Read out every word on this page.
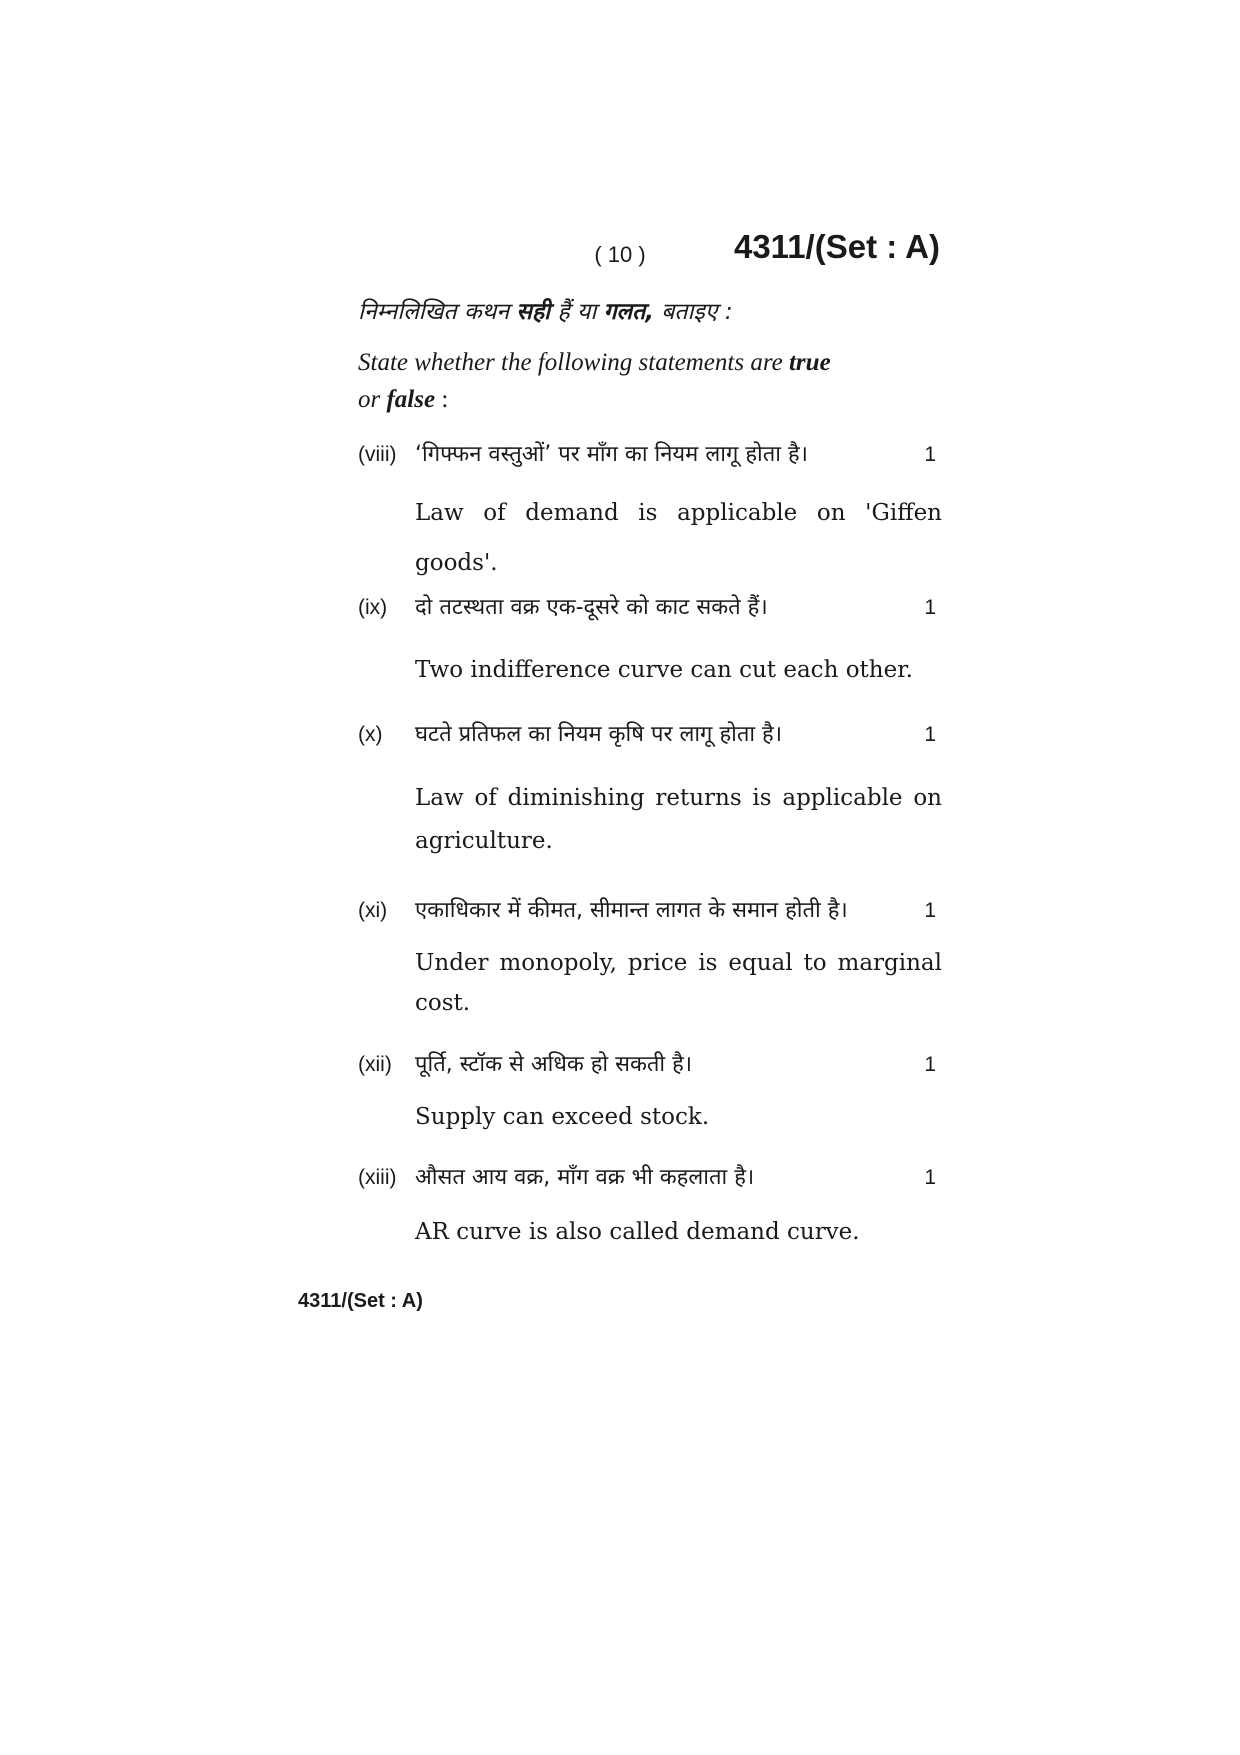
( 10 )	4311/(Set : A)
निम्नलिखित कथन सही हैं या गलत, बताइए :
State whether the following statements are true
or false :
(viii) ‘गिफ्फन वस्तुओं’ पर माँग का नियम लागू होता है।	1
Law of demand is applicable on 'Giffen goods'.
(ix) दो तटस्थता वक्र एक-दूसरे को काट सकते हैं।	1
Two indifference curve can cut each other.
(x) घटते प्रतिफल का नियम कृषि पर लागू होता है।	1
Law of diminishing returns is applicable on agriculture.
(xi) एकाधिकार में कीमत, सीमान्त लागत के समान होती है।	1
Under monopoly, price is equal to marginal cost.
(xii) पूर्ति, स्टॉक से अधिक हो सकती है।	1
Supply can exceed stock.
(xiii) औसत आय वक्र, माँग वक्र भी कहलाता है।	1
AR curve is also called demand curve.
4311/(Set : A)
